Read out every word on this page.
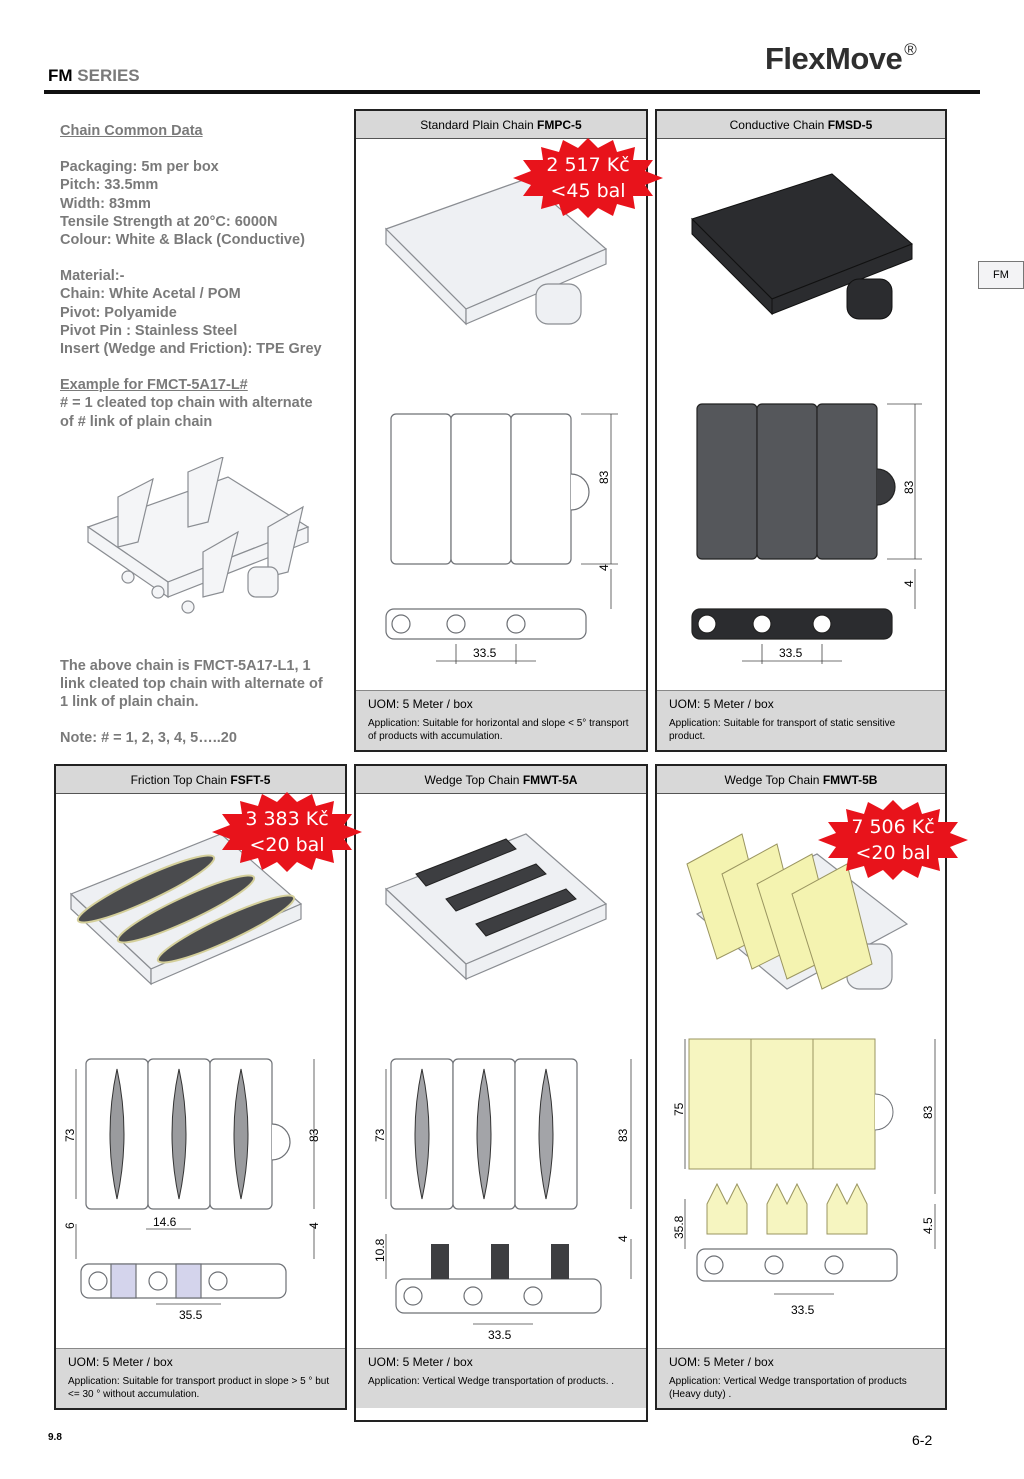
FM SERIES	FlexMove ®
FM
Chain Common Data
Packaging: 5m per box
Pitch: 33.5mm
Width: 83mm
Tensile Strength at 20°C: 6000N
Colour: White & Black (Conductive)
Material:-
Chain: White Acetal / POM
Pivot: Polyamide
Pivot Pin : Stainless Steel
Insert (Wedge and Friction): TPE Grey
Example for FMCT-5A17-L#
# = 1 cleated top chain with alternate
of # link of plain chain
The above chain is FMCT-5A17-L1, 1
link cleated top chain with alternate of
1 link of plain chain.
Note: # = 1, 2, 3, 4, 5…..20
Standard Plain Chain FMPC-5
83
4
33.5
UOM: 5 Meter / box
Application: Suitable for horizontal and slope < 5° transport of products with accumulation.
Conductive Chain FMSD-5
83
4
33.5
UOM: 5 Meter / box
Application: Suitable for transport of static sensitive product.
Friction Top Chain FSFT-5
73	83
6	14.6	4
35.5
UOM: 5 Meter / box
Application: Suitable for transport product in slope > 5 ° but <= 30 ° without accumulation.
Wedge Top Chain FMWT-5A
73	83
10.8	4
33.5
UOM: 5 Meter / box
Application: Vertical Wedge transportation of products. .
Wedge Top Chain FMWT-5B
75	83
35.8	4.5
33.5
UOM: 5 Meter / box
Application: Vertical Wedge transportation of products (Heavy duty) .
2 517 Kč
<45 bal
3 383 Kč
<20 bal
7 506 Kč
<20 bal
9.8	6-2
